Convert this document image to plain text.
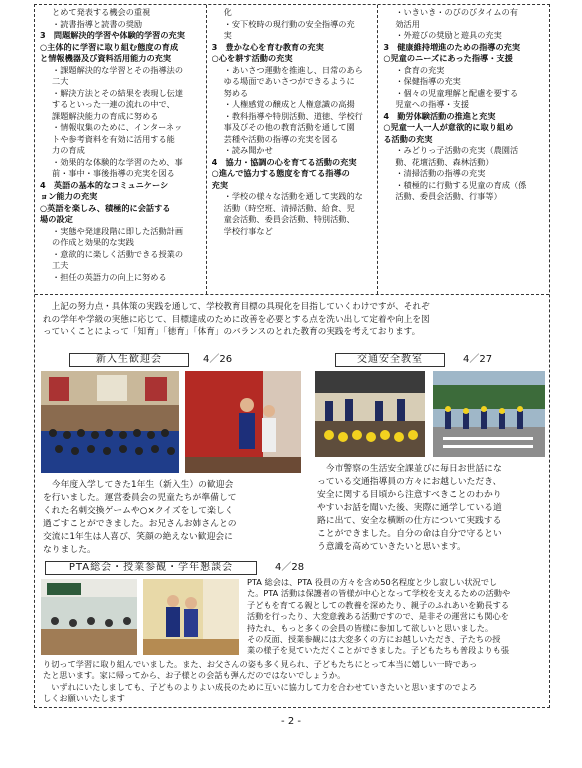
とめて発表する機会の重視
・読書指導と読書の奨励
3　問題解決的学習や体験的学習の充実
○主体的に学習に取り組む態度の育成
と情報機器及び資料活用能力の充実
・課題解決的な学習とその指導法の
二大
・解決方法とその結果を表現し伝達
するといった一連の流れの中で、
課題解決能力の育成に努める
・情報収集のために、インターネッ
トや参考資料を有効に活用する能
力の育成
・効果的な体験的な学習のため、事
前・事中・事後指導の充実を図る
4　英語の基本的なコミュニケーシ
ョン能力の充実
○英語を楽しみ、積極的に会話する
場の設定
・実態や発達段階に即した活動計画
の作成と効果的な実践
・意欲的に楽しく活動できる授業の
工夫
・担任の英語力の向上に努める
化
・安下校時の現行動の安全指導の充
実
3　豊かな心を育む教育の充実
○心を耕す活動の充実
・あいさつ運動を推進し、日常のあら
ゆる場面であいさつができるように
努める
・人権感覚の醸成と人権意識の高揚
・教科指導や特別活動、道徳、学校行
事及びその他の教育活動を通して園
芸種や活動の指導の充実を図る
・読み聞かせ
4　協力・協調の心を育てる活動の充実
○進んで協力する態度を育てる指導の
充実
・学校の様々な活動を通して実践的な
活動（時空班、清掃活動、給食、児
童会活動、委員会活動、特別活動、
学校行事など
・いきいき・のびのびタイムの有
効活用
・外遊びの奨励と遊具の充実
3　健康維持増進のための指導の充実
○児童のニーズにあった指導・支援
・食育の充実
・保健指導の充実
・個々の児童理解と配慮を要する
児童への指導・支援
4　勤労体験活動の推進と充実
○児童一人一人が意欲的に取り組め
る活動の充実
・みどりっ子活動の充実（農園活
動、花壇活動、森林活動）
・清掃活動の指導の充実
・積極的に行動する児童の育成（係
活動、委員会活動、行事等）
　上記の努力点・具体策の実践を通して、学校教育目標の具現化を目指していくわけですが、それぞ
れの学年や学級の実態に応じて、目標達成のために改善を必要とする点を洗い出して定着や向上を図
っていくことによって「知育」「徳育」「体育」のバランスのとれた教育の実践を考えております。
新入生歓迎会	4／26
　今年度入学してきた1年生（新入生）の歓迎会
を行いました。運営委員会の児童たちが準備して
くれた名刺交換ゲームや○×クイズをして楽しく
過ごすことができました。お兄さんお姉さんとの
交流に1年生は人喜び、笑顔の絶えない歓迎会に
なりました。
交通安全教室	4／27
　今市警察の生活安全課並びに毎日お世話にな
っている交通指導員の方々にお越しいただき、
安全に関する目頃から注意すべきことのわかり
やすいお話を聞いた後、実際に通学している道
路に出て、安全な横断の仕方について実践する
ことができました。自分の命は自分で守るとい
う意識を高めていきたいと思います。
PTA総会・授業参観・学年懇談会	4／28
PTA 総会は、PTA 役員の方々を含め50名程度と少し寂しい状況でし
た。PTA 活動は保護者の皆様が中心となって学校を支えるための活動や
子どもを育てる親としての教養を深めたり、親子のふれあいを勤長する
活動を行ったり、大変意義ある活動ですので、是非その運営にも関心を
持たれ、もっと多くの会員の皆様に参加して欲しいと思いました。
その反面、授業参観には大変多くの方にお越しいただき、子たちの授
業の様子を見ていただくことができました。子どもたちも普段よりも張
り切って学習に取り組んでいました。また、お父さんの姿も多く見られ、子どもたちにとって本当に嬉しい一時であっ
たと思います。家に帰ってから、お子様との会話も弾んだのではないでしょうか。
　いずれにいたしましても、子どものよりよい成長のために互いに協力して力を合わせていきたいと思いますのでよろ
しくお願いいたします
- 2 -
